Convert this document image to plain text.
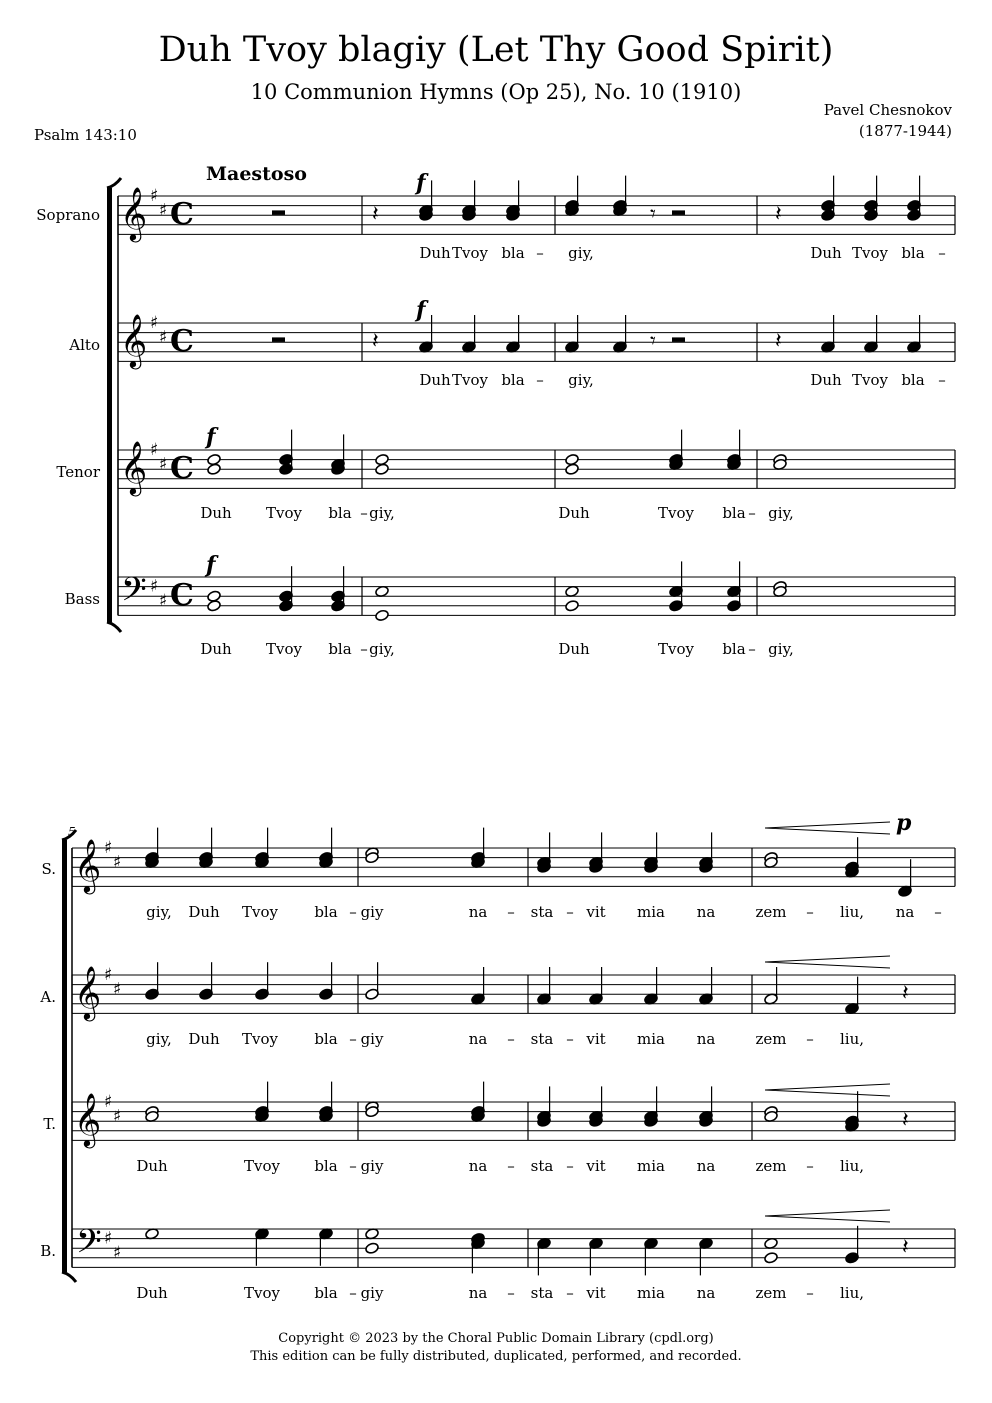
Duh Tvoy blagiy (Let Thy Good Spirit)
10 Communion Hymns (Op 25), No. 10 (1910)
Pavel Chesnokov
(1877-1944)
Psalm 143:10
Maestoso
Soprano
Alto
Tenor
Bass
S.
A.
T.
B.
5
𝄞 ♯
♯ C
𝄞 ♯
♯ C
𝄞 ♯
♯ C
𝄢 ♯
♯ C
𝄞 ♯
♯
𝄞 ♯
♯
𝄞 ♯
♯
𝄢 ♯
♯
𝄽	𝄾	𝄽
f
𝄽	𝄾	𝄽
f
f
f
p
𝄽
𝄽
𝄽
Duh Tvoy bla – giy,	Duh Tvoy bla –
Duh Tvoy bla – giy,	Duh Tvoy bla –
Duh Tvoy bla – giy,	Duh	Tvoy bla – giy,
Duh Tvoy bla – giy,	Duh	Tvoy bla – giy,
giy, Duh Tvoy bla – giy	na – sta – vit mia na	zem – liu, na –
giy, Duh Tvoy bla – giy	na – sta – vit mia na	zem – liu,
Duh	Tvoy bla – giy	na – sta – vit mia na	zem – liu,
Duh	Tvoy bla – giy	na – sta – vit mia na	zem – liu,
Copyright © 2023 by the Choral Public Domain Library (cpdl.org)
This edition can be fully distributed, duplicated, performed, and recorded.
